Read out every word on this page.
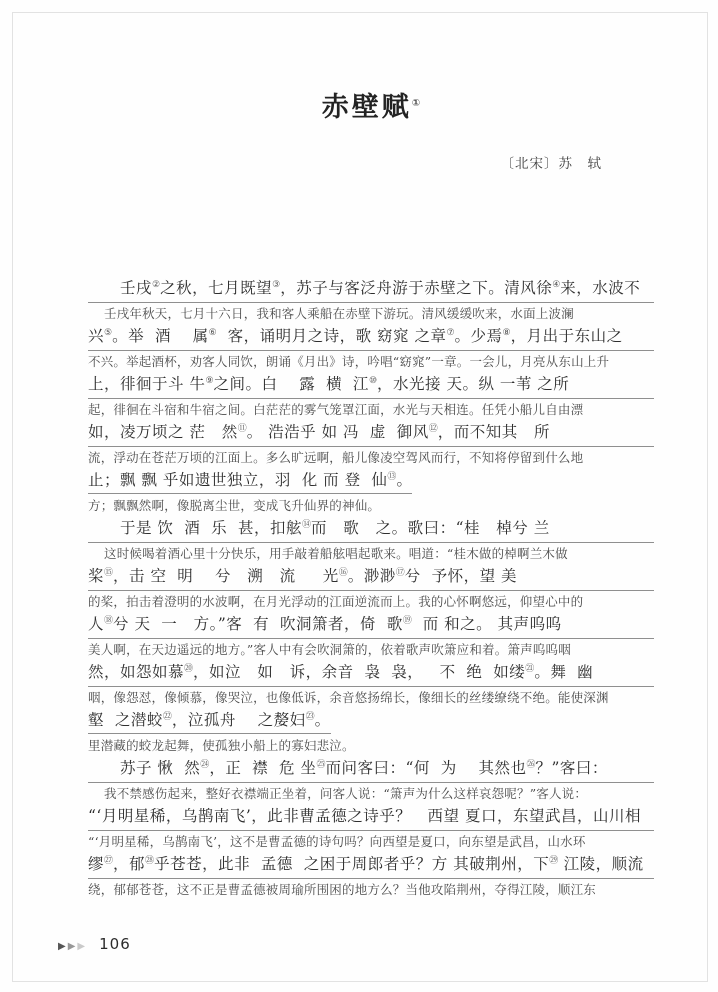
赤壁赋①
〔北宋〕苏　轼
壬戌②之秋，七月既望③，苏子与客泛舟游于赤壁之下。清风徐④来，水波不
壬戌年秋天，七月十六日，我和客人乘船在赤壁下游玩。清风缓缓吹来，水面上波澜
兴⑤。举  酒    属⑥  客，诵明月之诗，歌 窈窕 之章⑦。少焉⑧，月出于东山之
不兴。举起酒杯，劝客人同饮，朗诵《月出》诗，吟唱“窈窕”一章。一会儿，月亮从东山上升
上，徘徊于斗 牛⑨之间。白    露  横  江⑩，水光接 天。纵 一苇 之所
起，徘徊在斗宿和牛宿之间。白茫茫的雾气笼罩江面，水光与天相连。任凭小船儿自由漂
如，凌万顷之 茫   然⑪。 浩浩乎 如 冯  虚  御风⑫，而不知其   所
流，浮动在苍茫万顷的江面上。多么旷远啊，船儿像凌空驾风而行，不知将停留到什么地
止；飘 飘 乎如遗世独立，羽  化 而 登  仙⑬。
方；飘飘然啊，像脱离尘世，变成飞升仙界的神仙。
于是 饮  酒  乐  甚，扣舷⑭而   歌   之。歌曰：“桂   棹兮 兰
这时候喝着酒心里十分快乐，用手敲着船舷唱起歌来。唱道：“桂木做的棹啊兰木做
桨⑮，击 空  明    兮   溯   流     光⑯。渺渺⑰兮  予怀，望 美
的桨，拍击着澄明的水波啊，在月光浮动的江面逆流而上。我的心怀啊悠远，仰望心中的
人⑱兮 天  一   方。”客  有  吹洞箫者，倚  歌⑲  而 和之。 其声呜呜
美人啊，在天边遥远的地方。”客人中有会吹洞箫的，依着歌声吹箫应和着。箫声呜呜咽
然，如怨如慕⑳，如泣   如   诉，余音  袅  袅，   不  绝  如缕$^㉑$。舞  幽
咽，像怨怼，像倾慕，像哭泣，也像低诉，余音悠扬绵长，像细长的丝缕缭绕不绝。能使深渊
壑  之潜蛟$^㉒$，泣孤舟    之嫠妇$^㉓$。
里潜藏的蛟龙起舞，使孤独小船上的寡妇悲泣。
苏子 愀  然$^㉔$，正  襟  危 坐$^㉕$而问客曰：“何  为    其然也$^㉖$？”客曰：
我不禁感伤起来，整好衣襟端正坐着，问客人说：“箫声为什么这样哀怨呢？”客人说：
“‘月明星稀，乌鹊南飞’，此非曹孟德之诗乎？   西望 夏口，东望武昌，山川相
“‘月明星稀，乌鹊南飞’，这不是曹孟德的诗句吗？向西望是夏口，向东望是武昌，山水环
缪$^㉗$，郁$^㉘$乎苍苍，此非  孟德  之困于周郎者乎？方 其破荆州，下$^㉙$ 江陵，顺流
绕，郁郁苍苍，这不正是曹孟德被周瑜所围困的地方么？当他攻陷荆州，夺得江陵，顺江东
▶ ▶ ▶ 106
